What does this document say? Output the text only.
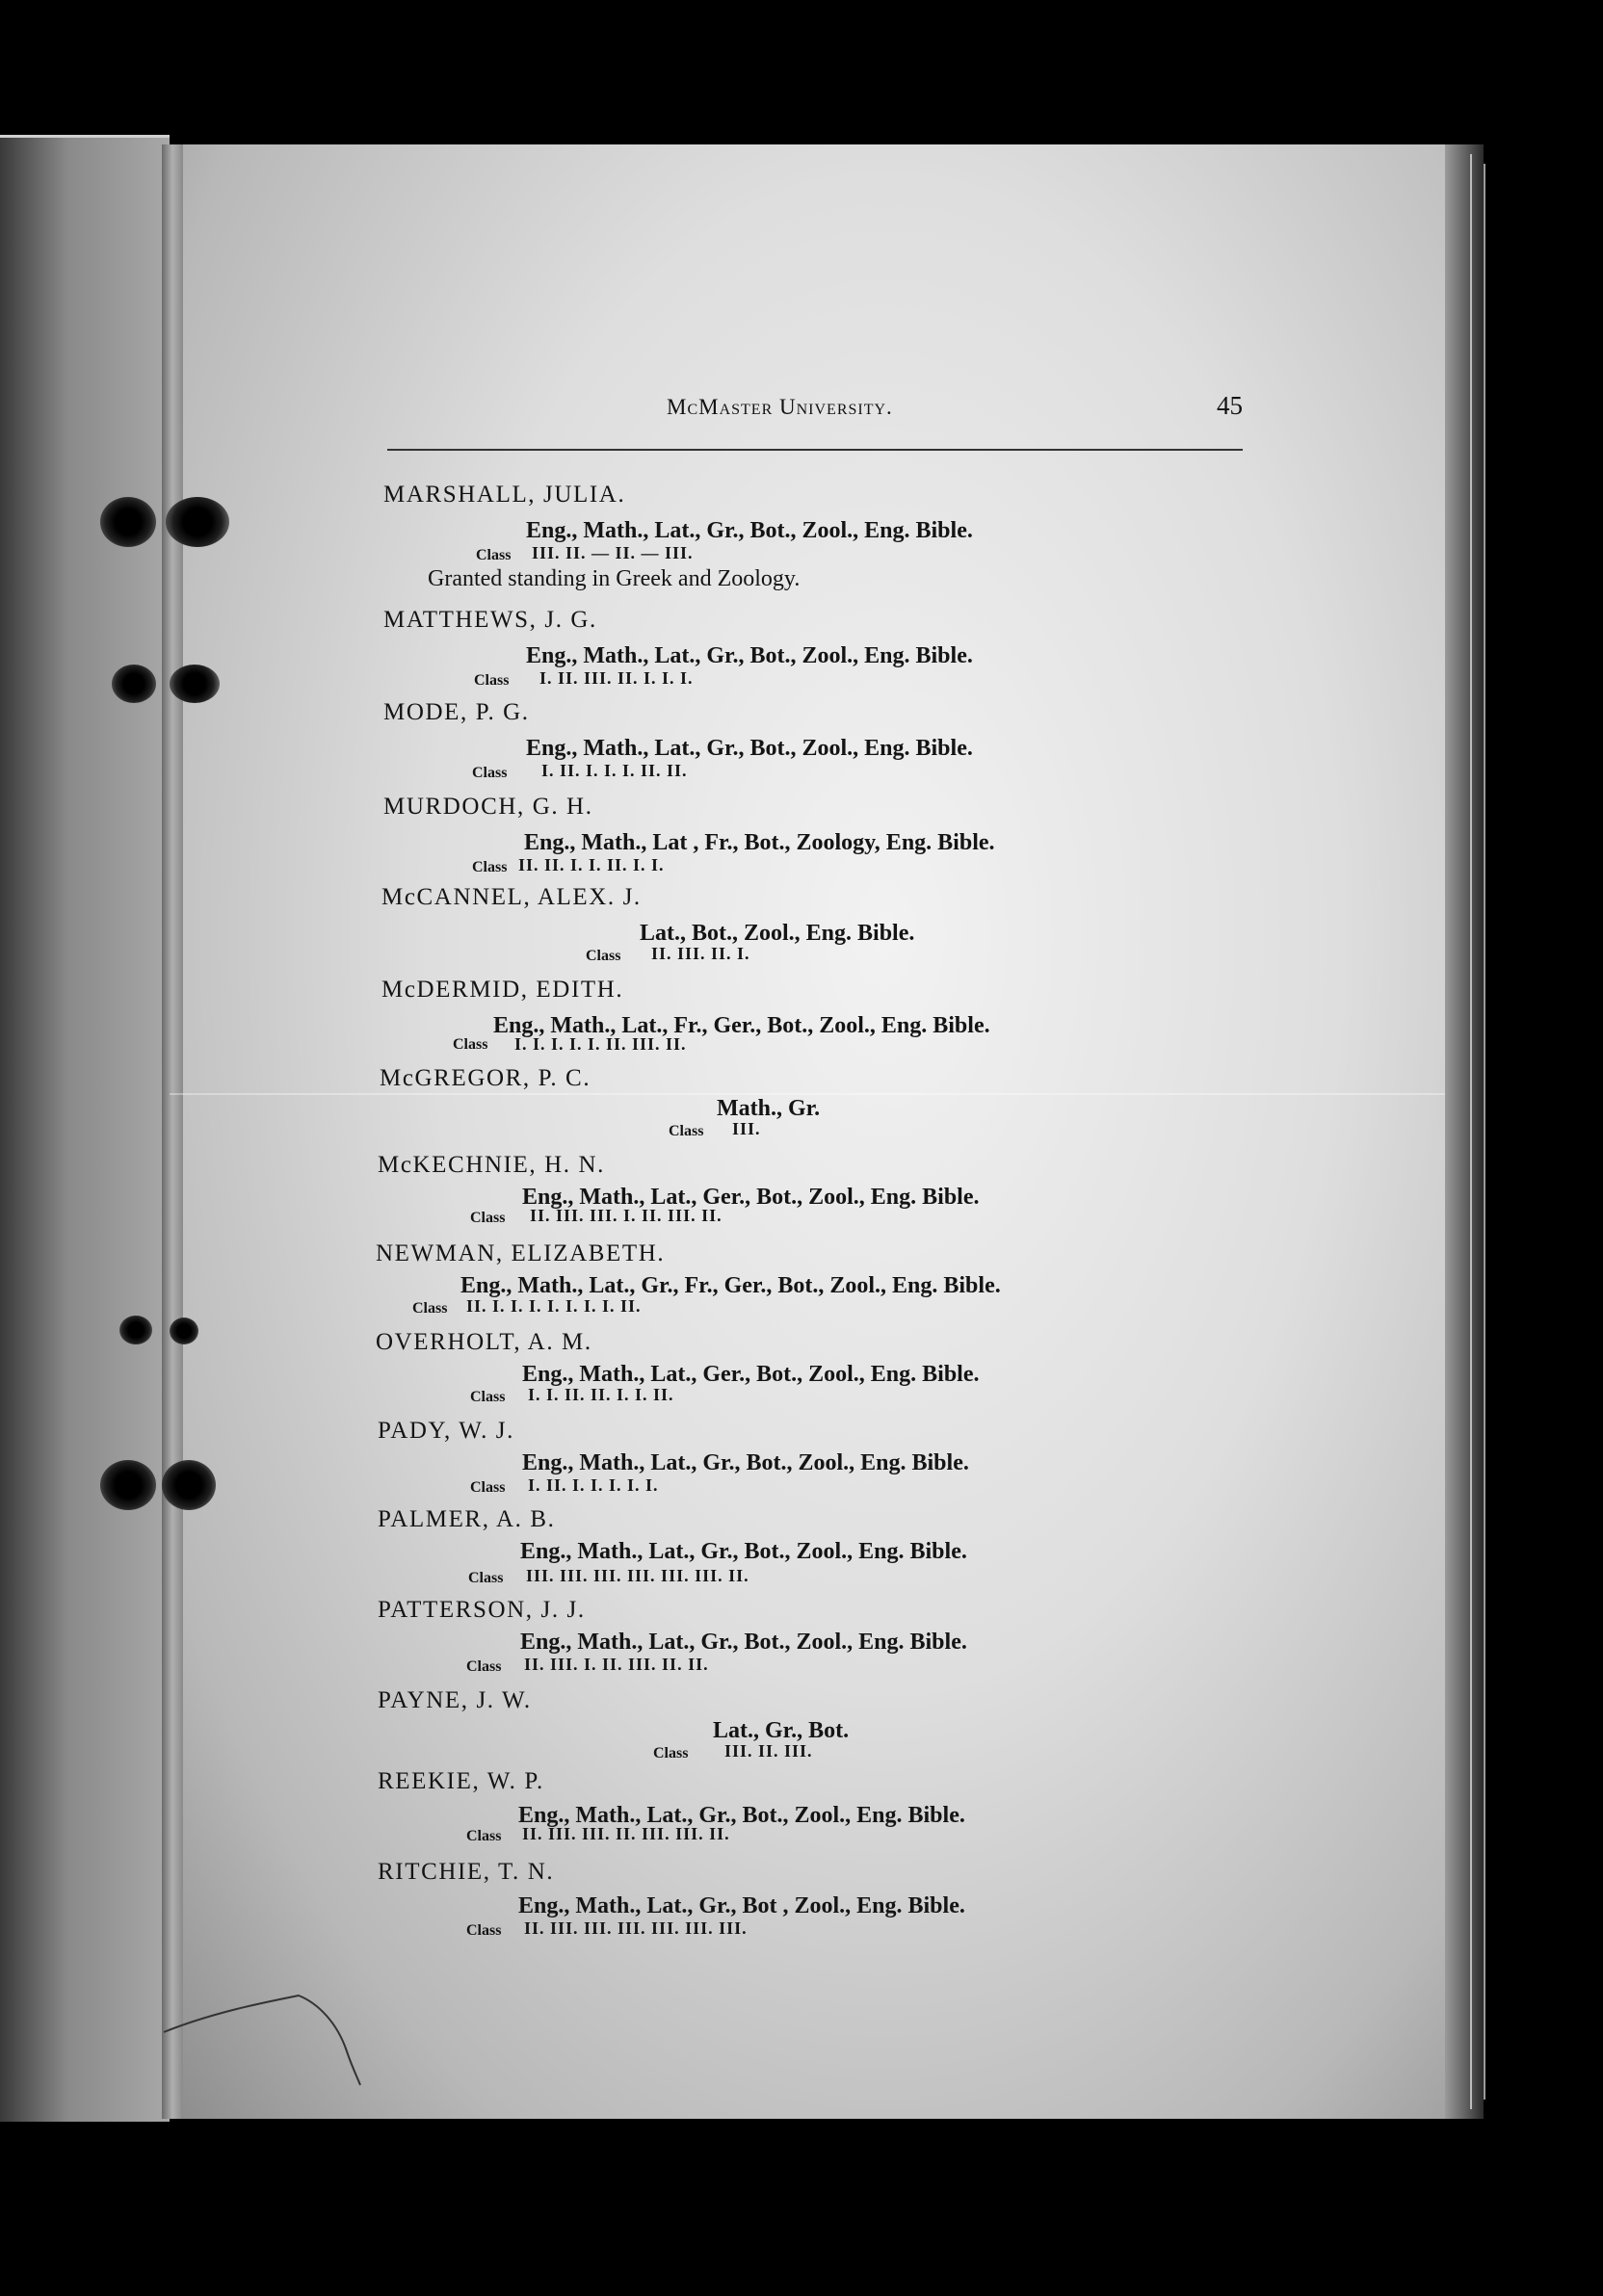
McMaster University.	45
MARSHALL, JULIA.
Eng., Math., Lat., Gr., Bot., Zool., Eng. Bible.
Class III. II. — II. — III.
Granted standing in Greek and Zoology.
MATTHEWS, J. G.
Eng., Math., Lat., Gr., Bot., Zool., Eng. Bible.
Class I. II. III. II. I. I. I.
MODE, P. G.
Eng., Math., Lat., Gr., Bot., Zool., Eng. Bible.
Class I. II. I. I. I. II. II.
MURDOCH, G. H.
Eng., Math., Lat , Fr., Bot., Zoology, Eng. Bible.
Class II. II. I. I. II. I. I.
McCANNEL, ALEX. J.
Lat., Bot., Zool., Eng. Bible.
Class II. III. II. I.
McDERMID, EDITH.
Eng., Math., Lat., Fr., Ger., Bot., Zool., Eng. Bible.
Class I. I. I. I. I. II. III. II.
McGREGOR, P. C.
Math., Gr.
Class III.
McKECHNIE, H. N.
Eng., Math., Lat., Ger., Bot., Zool., Eng. Bible.
Class II. III. III. I. II. III. II.
NEWMAN, ELIZABETH.
Eng., Math., Lat., Gr., Fr., Ger., Bot., Zool., Eng. Bible.
Class II. I. I. I. I. I. I. I. II.
OVERHOLT, A. M.
Eng., Math., Lat., Ger., Bot., Zool., Eng. Bible.
Class I. I. II. II. I. I. II.
PADY, W. J.
Eng., Math., Lat., Gr., Bot., Zool., Eng. Bible.
Class I. II. I. I. I. I. I.
PALMER, A. B.
Eng., Math., Lat., Gr., Bot., Zool., Eng. Bible.
Class III. III. III. III. III. III. II.
PATTERSON, J. J.
Eng., Math., Lat., Gr., Bot., Zool., Eng. Bible.
Class II. III. I. II. III. II. II.
PAYNE, J. W.
Lat., Gr., Bot.
Class III. II. III.
REEKIE, W. P.
Eng., Math., Lat., Gr., Bot., Zool., Eng. Bible.
Class II. III. III. II. III. III. II.
RITCHIE, T. N.
Eng., Math., Lat., Gr., Bot , Zool., Eng. Bible.
Class II. III. III. III. III. III. III.
